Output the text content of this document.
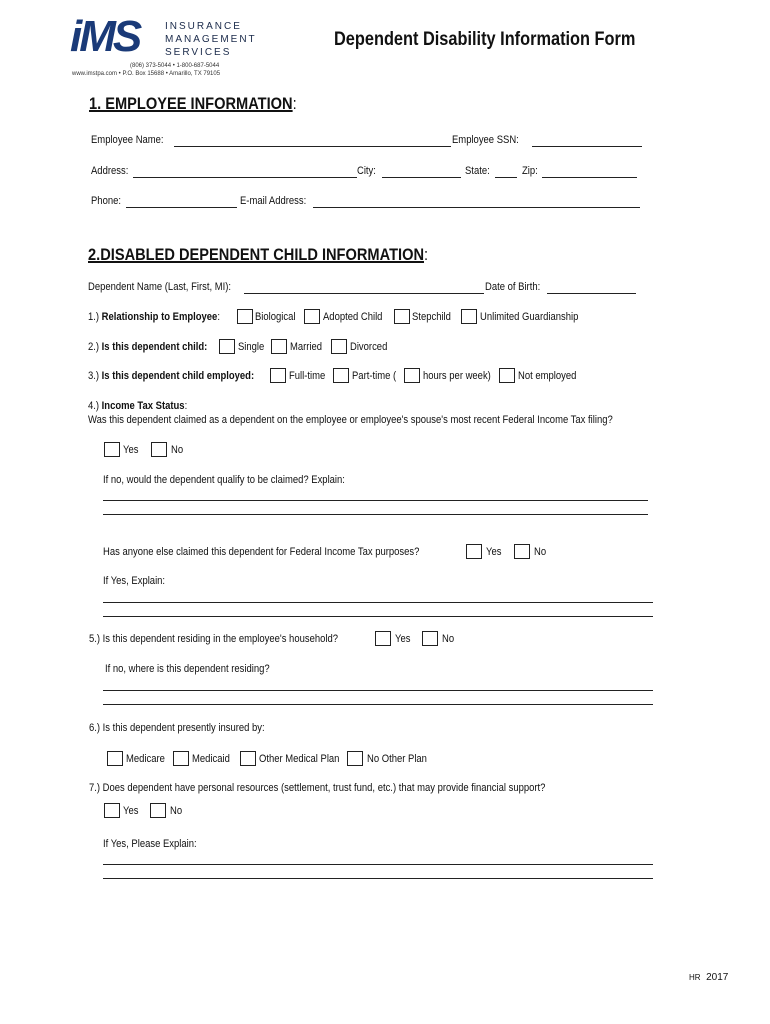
iMS	INSURANCE
MANAGEMENT
SERVICES
(806) 373-5044 • 1-800-687-5044
www.imstpa.com • P.O. Box 15688 • Amarillo, TX 79105
Dependent Disability Information Form
1. EMPLOYEE INFORMATION:
Employee Name:	Employee SSN:
Address:	City:	State:	Zip:
Phone:	E-mail Address:
2.DISABLED DEPENDENT CHILD INFORMATION:
Dependent Name (Last, First, MI):	Date of Birth:
1.) Relationship to Employee:	Biological Adopted Child	Stepchild	Unlimited Guardianship
2.) Is this dependent child:	Single Married	Divorced
3.) Is this dependent child employed:	Full-time Part-time ( hours per week) Not employed
4.) Income Tax Status:
Was this dependent claimed as a dependent on the employee or employee's spouse's most recent Federal Income Tax filing?
Yes	No
If no, would the dependent qualify to be claimed? Explain:
Has anyone else claimed this dependent for Federal Income Tax purposes?	Yes	No
If Yes, Explain:
5.) Is this dependent residing in the employee's household?	Yes	No
If no, where is this dependent residing?
6.) Is this dependent presently insured by:
Medicare Medicaid	Other Medical Plan	No Other Plan
7.) Does dependent have personal resources (settlement, trust fund, etc.) that may provide financial support?
Yes	No
If Yes, Please Explain:
HR 2017
